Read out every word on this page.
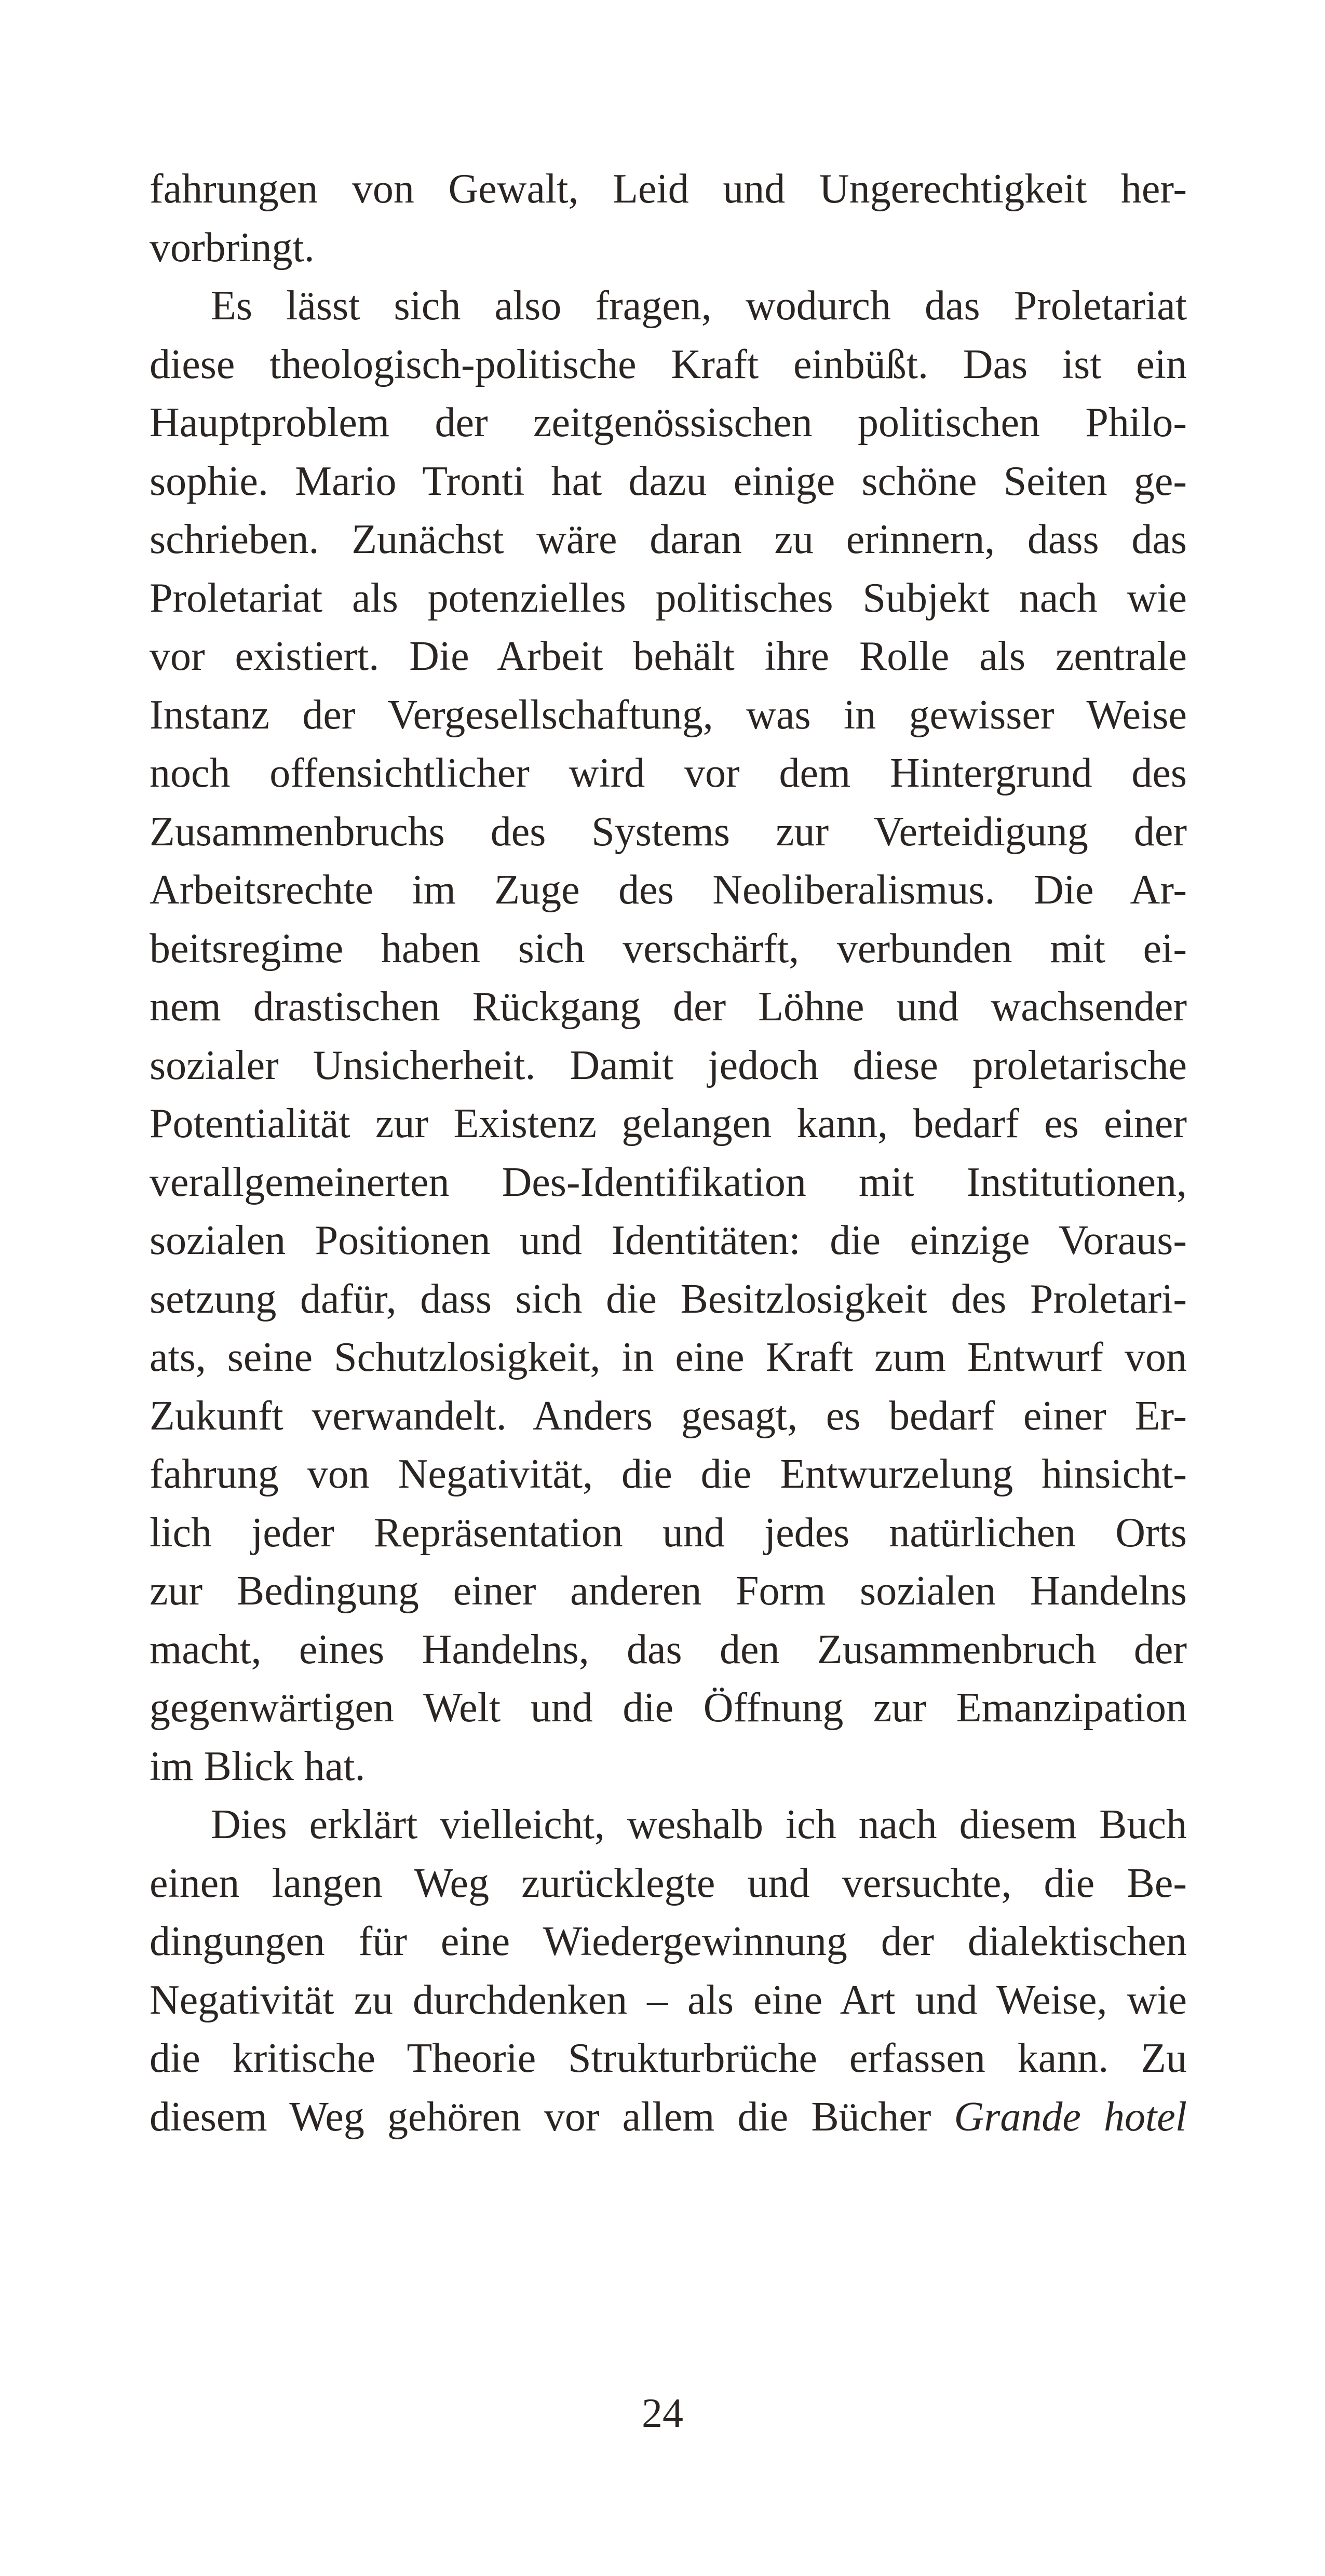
fahrungen von Gewalt, Leid und Ungerechtigkeit her-
vorbringt.
Es lässt sich also fragen, wodurch das Proletariat
diese theologisch-politische Kraft einbüßt. Das ist ein
Hauptproblem der zeitgenössischen politischen Philo-
sophie. Mario Tronti hat dazu einige schöne Seiten ge-
schrieben. Zunächst wäre daran zu erinnern, dass das
Proletariat als potenzielles politisches Subjekt nach wie
vor existiert. Die Arbeit behält ihre Rolle als zentrale
Instanz der Vergesellschaftung, was in gewisser Weise
noch offensichtlicher wird vor dem Hintergrund des
Zusammenbruchs des Systems zur Verteidigung der
Arbeitsrechte im Zuge des Neoliberalismus. Die Ar-
beitsregime haben sich verschärft, verbunden mit ei-
nem drastischen Rückgang der Löhne und wachsender
sozialer Unsicherheit. Damit jedoch diese proletarische
Potentialität zur Existenz gelangen kann, bedarf es einer
verallgemeinerten Des-Identifikation mit Institutionen,
sozialen Positionen und Identitäten: die einzige Voraus-
setzung dafür, dass sich die Besitzlosigkeit des Proletari-
ats, seine Schutzlosigkeit, in eine Kraft zum Entwurf von
Zukunft verwandelt. Anders gesagt, es bedarf einer Er-
fahrung von Negativität, die die Entwurzelung hinsicht-
lich jeder Repräsentation und jedes natürlichen Orts
zur Bedingung einer anderen Form sozialen Handelns
macht, eines Handelns, das den Zusammenbruch der
gegenwärtigen Welt und die Öffnung zur Emanzipation
im Blick hat.
Dies erklärt vielleicht, weshalb ich nach diesem Buch
einen langen Weg zurücklegte und versuchte, die Be-
dingungen für eine Wiedergewinnung der dialektischen
Negativität zu durchdenken – als eine Art und Weise, wie
die kritische Theorie Strukturbrüche erfassen kann. Zu
diesem Weg gehören vor allem die Bücher Grande hotel
24
